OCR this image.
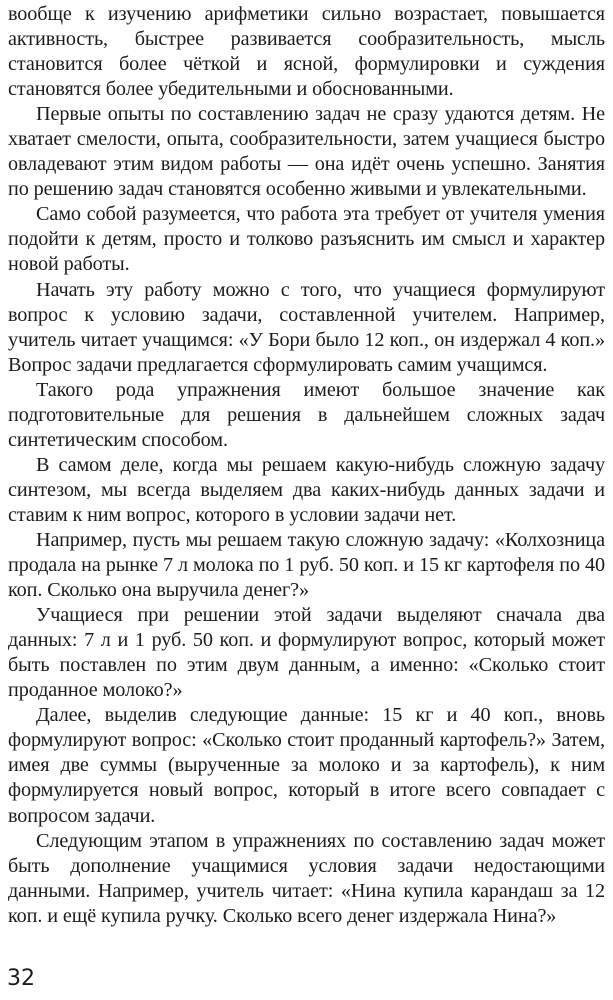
вообще к изучению арифметики сильно возрастает, повышается активность, быстрее развивается сообразительность, мысль становится более чёткой и ясной, формулировки и суждения становятся более убедительными и обоснованными.

Первые опыты по составлению задач не сразу удаются детям. Не хватает смелости, опыта, сообразительности, затем учащиеся быстро овладевают этим видом работы — она идёт очень успешно. Занятия по решению задач становятся особенно живыми и увлекательными.

Само собой разумеется, что работа эта требует от учителя умения подойти к детям, просто и толково разъяснить им смысл и характер новой работы.

Начать эту работу можно с того, что учащиеся формулируют вопрос к условию задачи, составленной учителем. Например, учитель читает учащимся: «У Бори было 12 коп., он издержал 4 коп.» Вопрос задачи предлагается сформулировать самим учащимся.

Такого рода упражнения имеют большое значение как подготовительные для решения в дальнейшем сложных задач синтетическим способом.

В самом деле, когда мы решаем какую-нибудь сложную задачу синтезом, мы всегда выделяем два каких-нибудь данных задачи и ставим к ним вопрос, которого в условии задачи нет.

Например, пусть мы решаем такую сложную задачу: «Колхозница продала на рынке 7 л молока по 1 руб. 50 коп. и 15 кг картофеля по 40 коп. Сколько она выручила денег?»

Учащиеся при решении этой задачи выделяют сначала два данных: 7 л и 1 руб. 50 коп. и формулируют вопрос, который может быть поставлен по этим двум данным, а именно: «Сколько стоит проданное молоко?»

Далее, выделив следующие данные: 15 кг и 40 коп., вновь формулируют вопрос: «Сколько стоит проданный картофель?» Затем, имея две суммы (вырученные за молоко и за картофель), к ним формулируется новый вопрос, который в итоге всего совпадает с вопросом задачи.

Следующим этапом в упражнениях по составлению задач может быть дополнение учащимися условия задачи недостающими данными. Например, учитель читает: «Нина купила карандаш за 12 коп. и ещё купила ручку. Сколько всего денег издержала Нина?»

32
